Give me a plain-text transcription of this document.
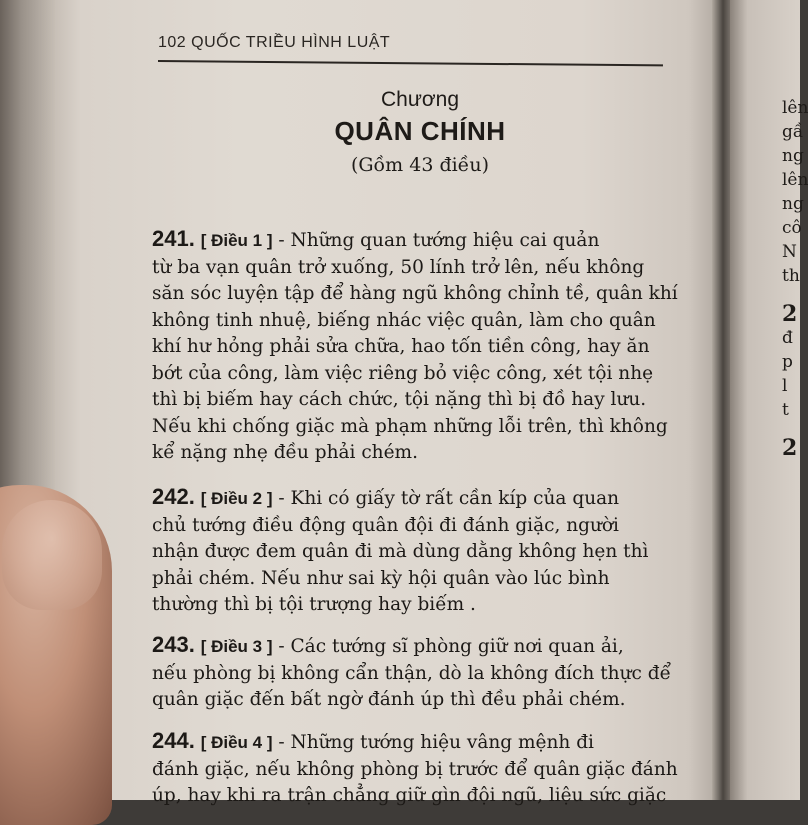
102 QUỐC TRIỀU HÌNH LUẬT
Chương
QUÂN CHÍNH
(Gồm 43 điều)
241. [ Điều 1 ] - Những quan tướng hiệu cai quản
từ ba vạn quân trở xuống, 50 lính trở lên, nếu không
săn sóc luyện tập để hàng ngũ không chỉnh tề, quân khí
không tinh nhuệ, biếng nhác việc quân, làm cho quân
khí hư hỏng phải sửa chữa, hao tốn tiền công, hay ăn
bớt của công, làm việc riêng bỏ việc công, xét tội nhẹ
thì bị biếm hay cách chức, tội nặng thì bị đồ hay lưu.
Nếu khi chống giặc mà phạm những lỗi trên, thì không
kể nặng nhẹ đều phải chém.
242. [ Điều 2 ] - Khi có giấy tờ rất cần kíp của quan
chủ tướng điều động quân đội đi đánh giặc, người
nhận được đem quân đi mà dùng dằng không hẹn thì
phải chém. Nếu như sai kỳ hội quân vào lúc bình
thường thì bị tội trượng hay biếm .
243. [ Điều 3 ] - Các tướng sĩ phòng giữ nơi quan ải,
nếu phòng bị không cẩn thận, dò la không đích thực để
quân giặc đến bất ngờ đánh úp thì đều phải chém.
244. [ Điều 4 ] - Những tướng hiệu vâng mệnh đi
đánh giặc, nếu không phòng bị trước để quân giặc đánh
úp, hay khi ra trận chẳng giữ gìn đội ngũ, liệu sức giặc
lên
gầ
ng
lên
ng
cô
N
th
2
đ
p
l
t
2
